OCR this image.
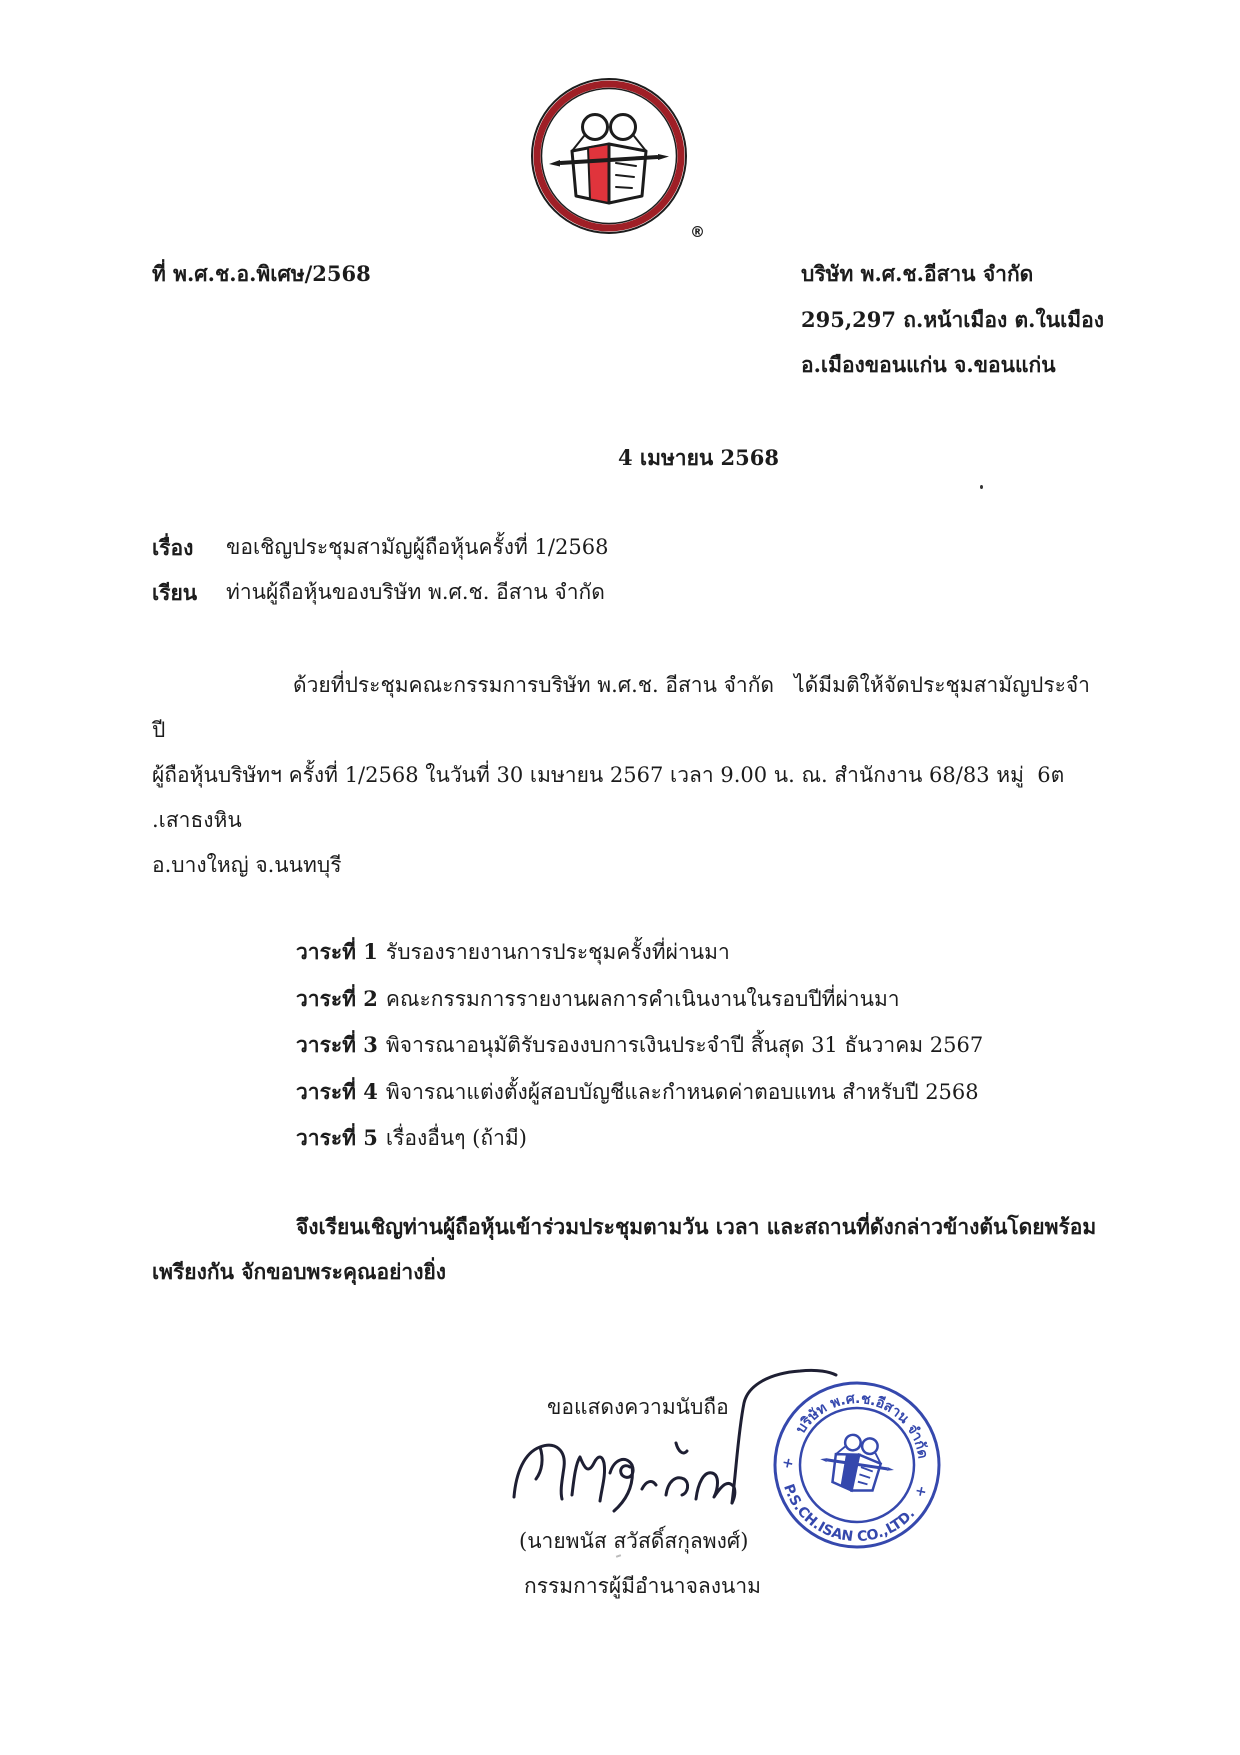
®
ที่ พ.ศ.ช.อ.พิเศษ/2568	บริษัท พ.ศ.ช.อีสาน จำกัด
295,297 ถ.หน้าเมือง ต.ในเมือง
อ.เมืองขอนแก่น จ.ขอนแก่น
4 เมษายน 2568
เรื่อง	ขอเชิญประชุมสามัญผู้ถือหุ้นครั้งที่ 1/2568
เรียน	ท่านผู้ถือหุ้นของบริษัท พ.ศ.ช. อีสาน จำกัด
ด้วยที่ประชุมคณะกรรมการบริษัท พ.ศ.ช. อีสาน จำกัด   ได้มีมติให้จัดประชุมสามัญประจำปี
ผู้ถือหุ้นบริษัทฯ ครั้งที่ 1/2568 ในวันที่ 30 เมษายน 2567 เวลา 9.00 น. ณ. สำนักงาน 68/83 หมู่  6ต .เสาธงหิน
อ.บางใหญ่ จ.นนทบุรี
วาระที่ 1 รับรองรายงานการประชุมครั้งที่ผ่านมา
วาระที่ 2 คณะกรรมการรายงานผลการคำเนินงานในรอบปีที่ผ่านมา
วาระที่ 3 พิจารณาอนุมัติรับรองงบการเงินประจำปี สิ้นสุด 31 ธันวาคม 2567
วาระที่ 4 พิจารณาแต่งตั้งผู้สอบบัญชีและกำหนดค่าตอบแทน สำหรับปี 2568
วาระที่ 5 เรื่องอื่นๆ (ถ้ามี)
จึงเรียนเชิญท่านผู้ถือหุ้นเข้าร่วมประชุมตามวัน เวลา และสถานที่ดังกล่าวข้างต้นโดยพร้อม
เพรียงกัน จักขอบพระคุณอย่างยิ่ง
บริษัท พ.ศ.ช.อีสาน จำกัด
P.S.CH.ISAN CO.,LTD.
+
+
ขอแสดงความนับถือ
(นายพนัส สวัสดิ์สกุลพงศ์)
กรรมการผู้มีอำนาจลงนาม
